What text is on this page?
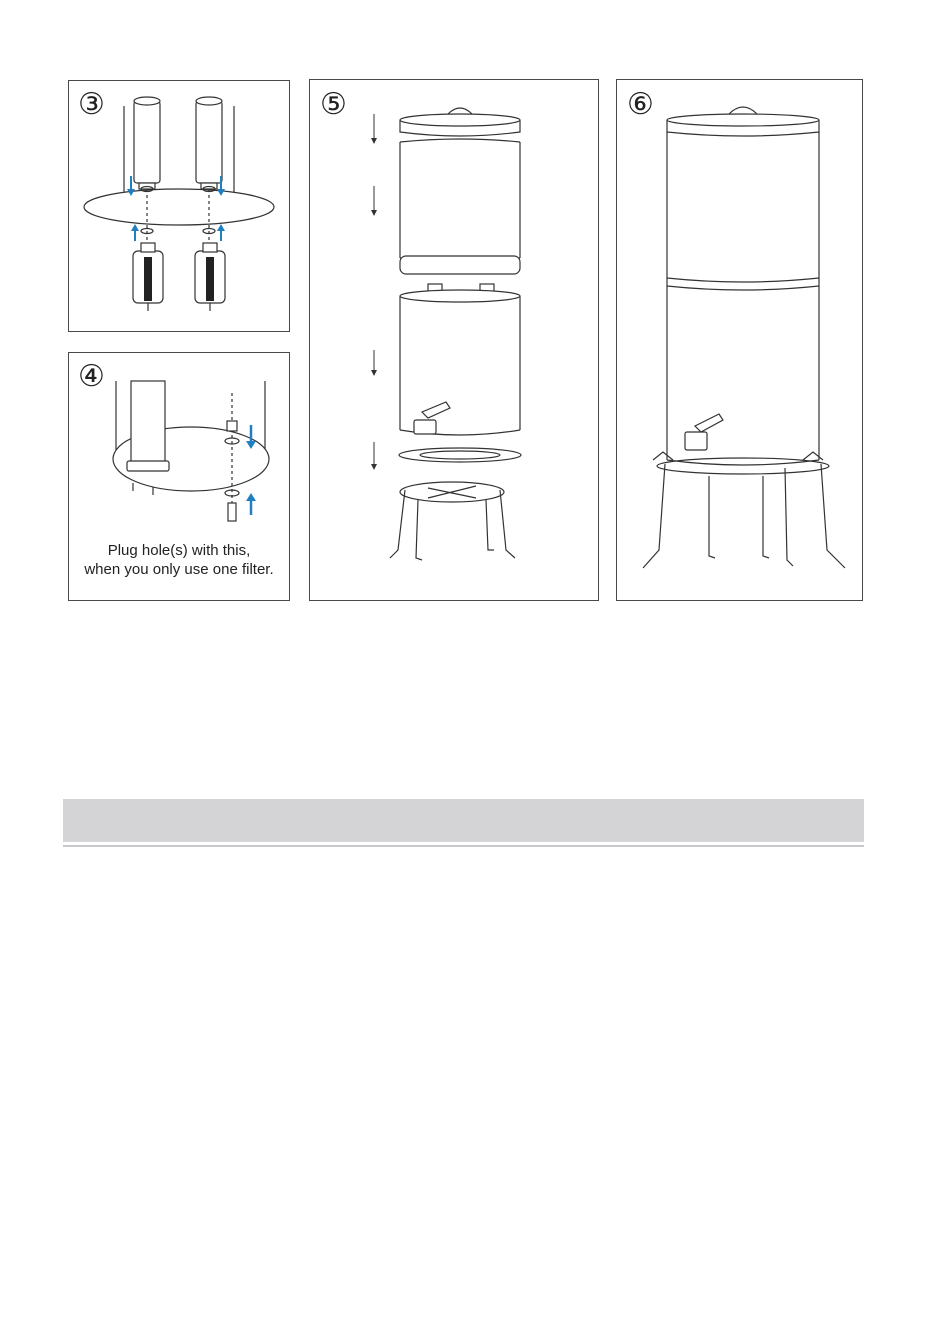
③
④
Plug hole(s) with this,
when you only use one filter.
⑤	⑥
